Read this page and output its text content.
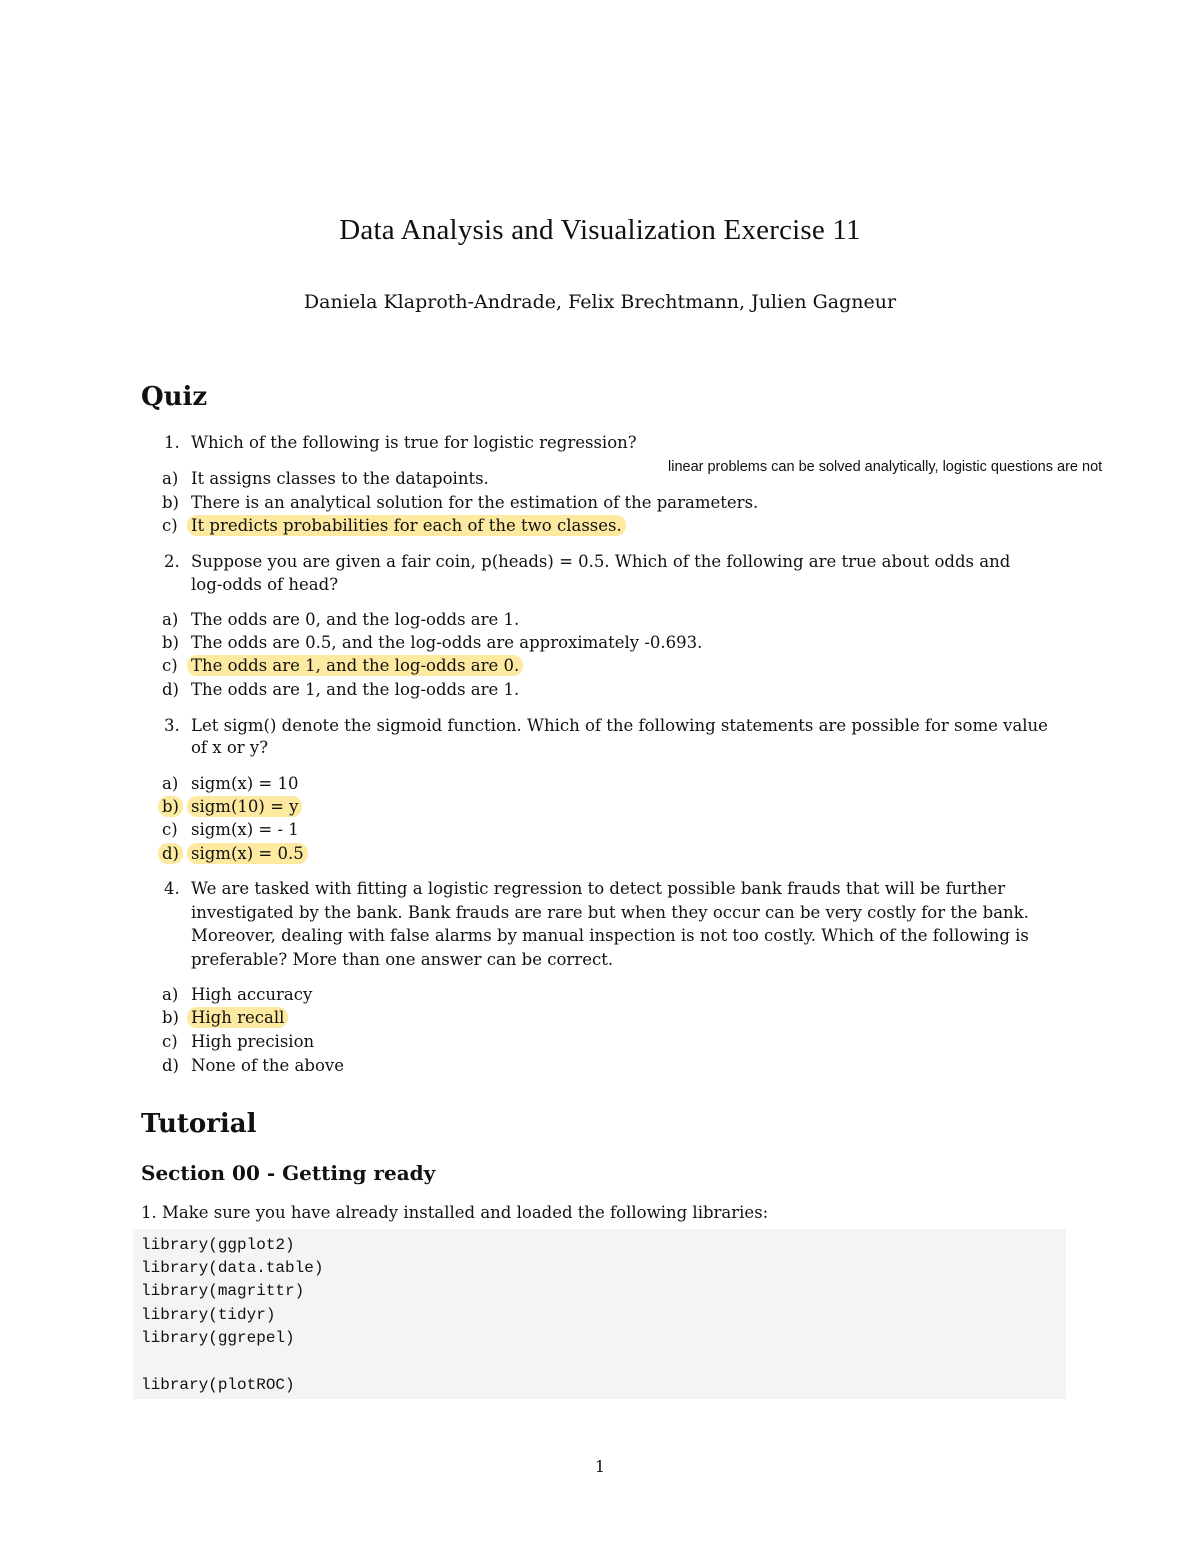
Data Analysis and Visualization Exercise 11
Daniela Klaproth-Andrade, Felix Brechtmann, Julien Gagneur
Quiz
1. Which of the following is true for logistic regression?
linear problems can be solved analytically, logistic questions are not
a) It assigns classes to the datapoints.
b) There is an analytical solution for the estimation of the parameters.
c) It predicts probabilities for each of the two classes.
2. Suppose you are given a fair coin, p(heads) = 0.5. Which of the following are true about odds and
log-odds of head?
a) The odds are 0, and the log-odds are 1.
b) The odds are 0.5, and the log-odds are approximately -0.693.
c) The odds are 1, and the log-odds are 0.
d) The odds are 1, and the log-odds are 1.
3. Let sigm() denote the sigmoid function. Which of the following statements are possible for some value
of x or y?
a) sigm(x) = 10
b) sigm(10) = y
c) sigm(x) = - 1
d) sigm(x) = 0.5
4. We are tasked with fitting a logistic regression to detect possible bank frauds that will be further
investigated by the bank. Bank frauds are rare but when they occur can be very costly for the bank.
Moreover, dealing with false alarms by manual inspection is not too costly. Which of the following is
preferable? More than one answer can be correct.
a) High accuracy
b) High recall
c) High precision
d) None of the above
Tutorial
Section 00 - Getting ready
1. Make sure you have already installed and loaded the following libraries:
library(ggplot2)
library(data.table)
library(magrittr)
library(tidyr)
library(ggrepel)
library(plotROC)
1
